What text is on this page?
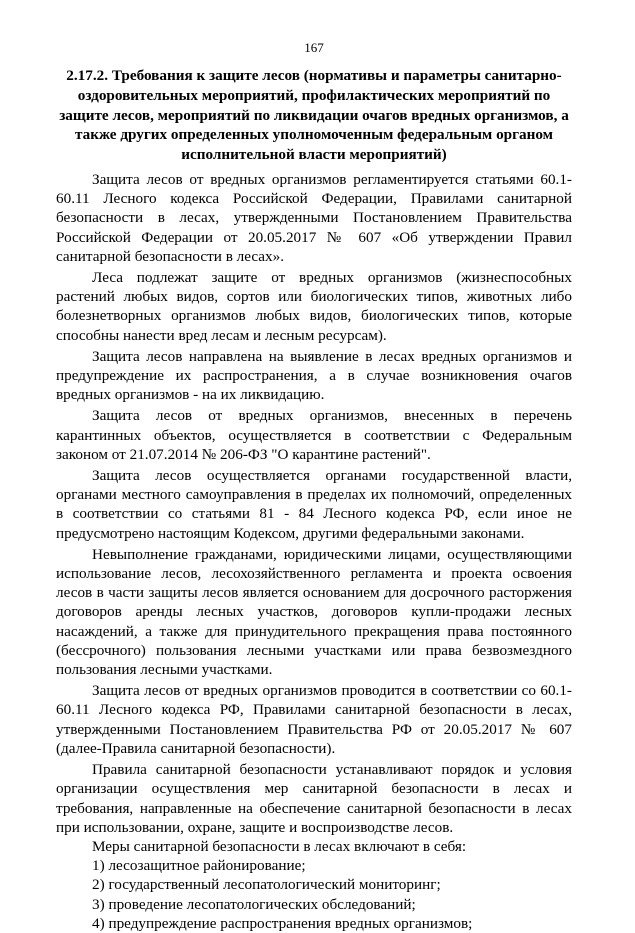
167
2.17.2. Требования к защите лесов (нормативы и параметры санитарно-оздоровительных мероприятий, профилактических мероприятий по защите лесов, мероприятий по ликвидации очагов вредных организмов, а также других определенных уполномоченным федеральным органом исполнительной власти мероприятий)

Защита лесов от вредных организмов регламентируется статьями 60.1-60.11 Лесного кодекса Российской Федерации, Правилами санитарной безопасности в лесах, утвержденными Постановлением Правительства Российской Федерации от 20.05.2017 № 607 «Об утверждении Правил санитарной безопасности в лесах».

Леса подлежат защите от вредных организмов (жизнеспособных растений любых видов, сортов или биологических типов, животных либо болезнетворных организмов любых видов, биологических типов, которые способны нанести вред лесам и лесным ресурсам).

Защита лесов направлена на выявление в лесах вредных организмов и предупреждение их распространения, а в случае возникновения очагов вредных организмов - на их ликвидацию.

Защита лесов от вредных организмов, внесенных в перечень карантинных объектов, осуществляется в соответствии с Федеральным законом от 21.07.2014 № 206-ФЗ "О карантине растений".

Защита лесов осуществляется органами государственной власти, органами местного самоуправления в пределах их полномочий, определенных в соответствии со статьями 81 - 84 Лесного кодекса РФ, если иное не предусмотрено настоящим Кодексом, другими федеральными законами.

Невыполнение гражданами, юридическими лицами, осуществляющими использование лесов, лесохозяйственного регламента и проекта освоения лесов в части защиты лесов является основанием для досрочного расторжения договоров аренды лесных участков, договоров купли-продажи лесных насаждений, а также для принудительного прекращения права постоянного (бессрочного) пользования лесными участками или права безвозмездного пользования лесными участками.

Защита лесов от вредных организмов проводится в соответствии со 60.1-60.11 Лесного кодекса РФ, Правилами санитарной безопасности в лесах, утвержденными Постановлением Правительства РФ от 20.05.2017 № 607 (далее-Правила санитарной безопасности).

Правила санитарной безопасности устанавливают порядок и условия организации осуществления мер санитарной безопасности в лесах и требования, направленные на обеспечение санитарной безопасности в лесах при использовании, охране, защите и воспроизводстве лесов.

Меры санитарной безопасности в лесах включают в себя:

1) лесозащитное районирование;

2) государственный лесопатологический мониторинг;

3) проведение лесопатологических обследований;

4) предупреждение распространения вредных организмов;
